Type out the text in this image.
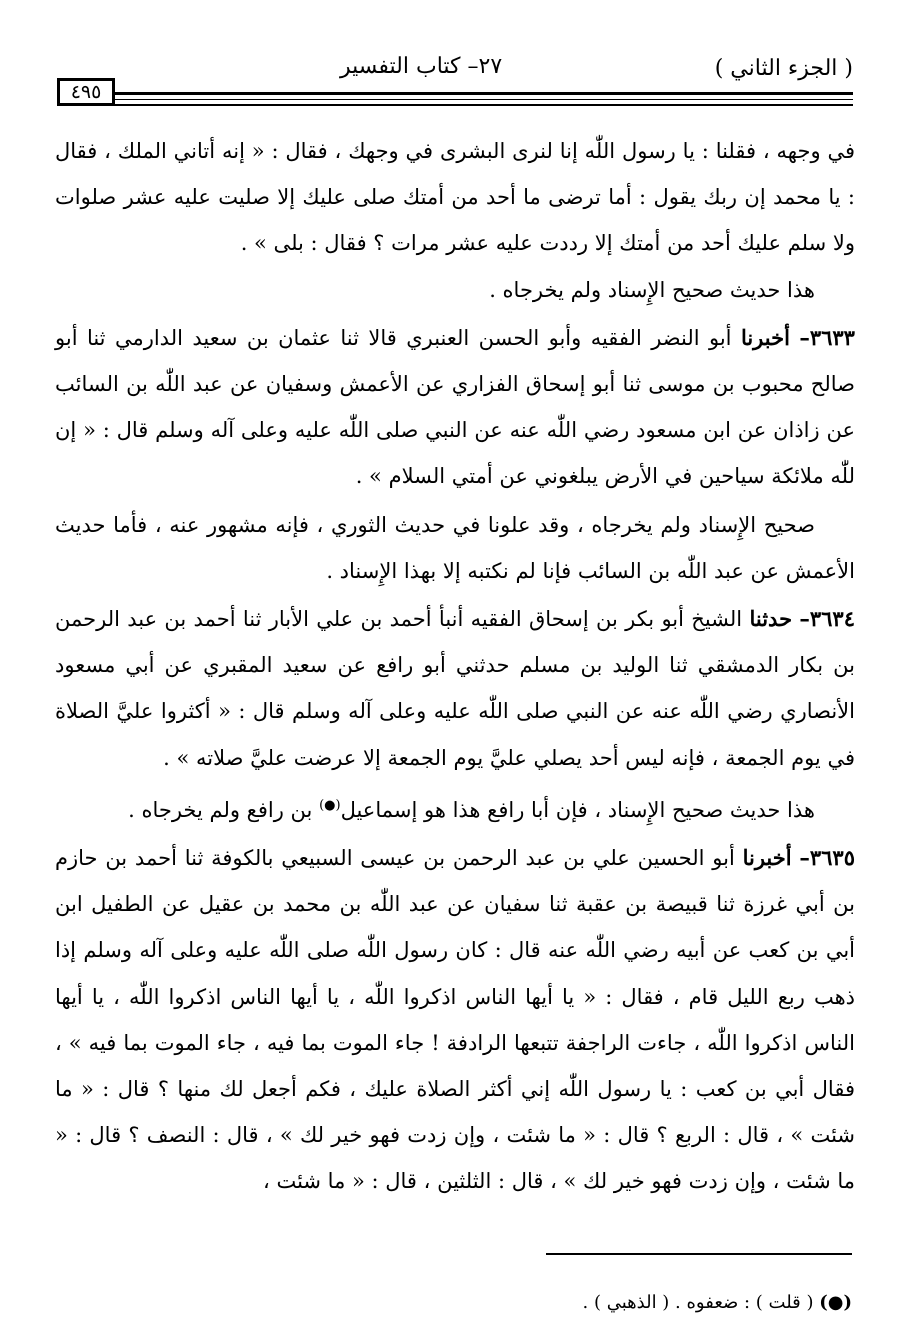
( الجزء الثاني )
٢٧– كتاب التفسير
٤٩٥

في وجهه ، فقلنا : يا رسول اللّٰه إنا لنرى البشرى في وجهك ، فقال : « إنه أتاني الملك ، فقال : يا محمد إن ربك يقول : أما ترضى ما أحد من أمتك صلى عليك إلا صليت عليه عشر صلوات ولا سلم عليك أحد من أمتك إلا رددت عليه عشر مرات ؟ فقال : بلى » .

هذا حديث صحيح الإِسناد ولم يخرجاه .

٣٦٣٣– أخبرنا أبو النضر الفقيه وأبو الحسن العنبري قالا ثنا عثمان بن سعيد الدارمي ثنا أبو صالح محبوب بن موسى ثنا أبو إسحاق الفزاري عن الأعمش وسفيان عن عبد اللّٰه بن السائب عن زاذان عن ابن مسعود رضي اللّٰه عنه عن النبي صلى اللّٰه عليه وعلى آله وسلم قال : « إن للّٰه ملائكة سياحين في الأرض يبلغوني عن أمتي السلام » .

صحيح الإِسناد ولم يخرجاه ، وقد علونا في حديث الثوري ، فإنه مشهور عنه ، فأما حديث الأعمش عن عبد اللّٰه بن السائب فإنا لم نكتبه إلا بهذا الإِسناد .

٣٦٣٤– حدثنا الشيخ أبو بكر بن إسحاق الفقيه أنبأ أحمد بن علي الأبار ثنا أحمد بن عبد الرحمن بن بكار الدمشقي ثنا الوليد بن مسلم حدثني أبو رافع عن سعيد المقبري عن أبي مسعود الأنصاري رضي اللّٰه عنه عن النبي صلى اللّٰه عليه وعلى آله وسلم قال : « أكثروا عليَّ الصلاة في يوم الجمعة ، فإنه ليس أحد يصلي عليَّ يوم الجمعة إلا عرضت عليَّ صلاته » .

هذا حديث صحيح الإِسناد ، فإن أبا رافع هذا هو إسماعيل(●) بن رافع ولم يخرجاه .

٣٦٣٥– أخبرنا أبو الحسين علي بن عبد الرحمن بن عيسى السبيعي بالكوفة ثنا أحمد بن حازم بن أبي غرزة ثنا قبيصة بن عقبة ثنا سفيان عن عبد اللّٰه بن محمد بن عقيل عن الطفيل ابن أبي بن كعب عن أبيه رضي اللّٰه عنه قال : كان رسول اللّٰه صلى اللّٰه عليه وعلى آله وسلم إذا ذهب ربع الليل قام ، فقال : « يا أيها الناس اذكروا اللّٰه ، يا أيها الناس اذكروا اللّٰه ، يا أيها الناس اذكروا اللّٰه ، جاءت الراجفة تتبعها الرادفة ! جاء الموت بما فيه ، جاء الموت بما فيه » ، فقال أبي بن كعب : يا رسول اللّٰه إني أكثر الصلاة عليك ، فكم أجعل لك منها ؟ قال : « ما شئت » ، قال : الربع ؟ قال : « ما شئت ، وإن زدت فهو خير لك » ، قال : النصف ؟ قال : « ما شئت ، وإن زدت فهو خير لك » ، قال : الثلثين ، قال : « ما شئت ،

(●) ( قلت ) : ضعفوه . ( الذهبي ) .
